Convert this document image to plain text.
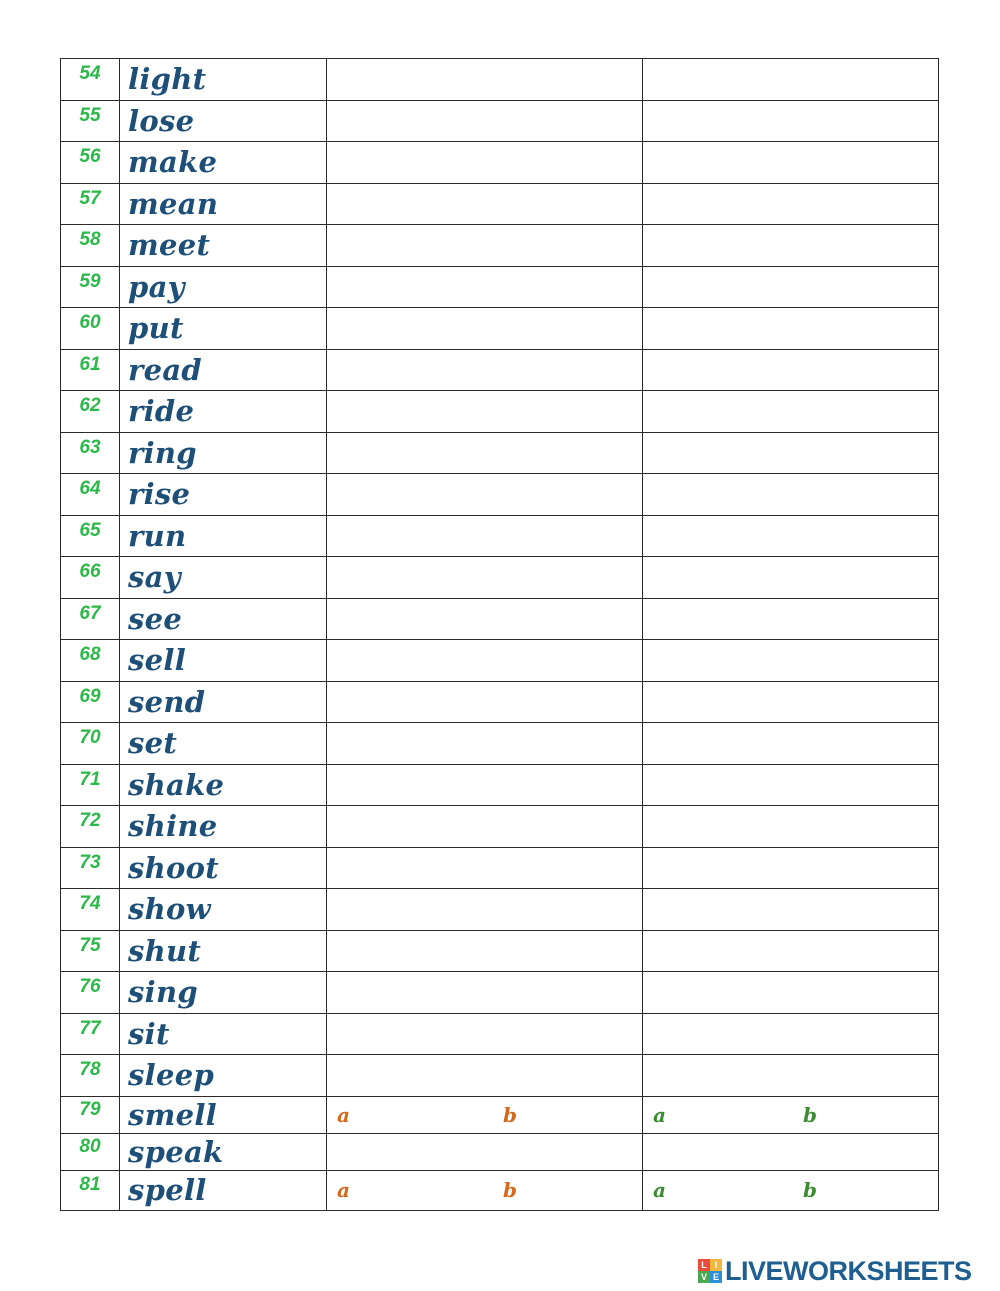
54	light		
55	lose		
56	make		
57	mean		
58	meet		
59	pay		
60	put		
61	read		
62	ride		
63	ring		
64	rise		
65	run		
66	say		
67	see		
68	sell		
69	send		
70	set		
71	shake		
72	shine		
73	shoot		
74	show		
75	shut		
76	sing		
77	sit		
78	sleep		
79	smell	a b	a b

80	speak		
81	spell	a b	a b
L I
V E LIVEWORKSHEETS
